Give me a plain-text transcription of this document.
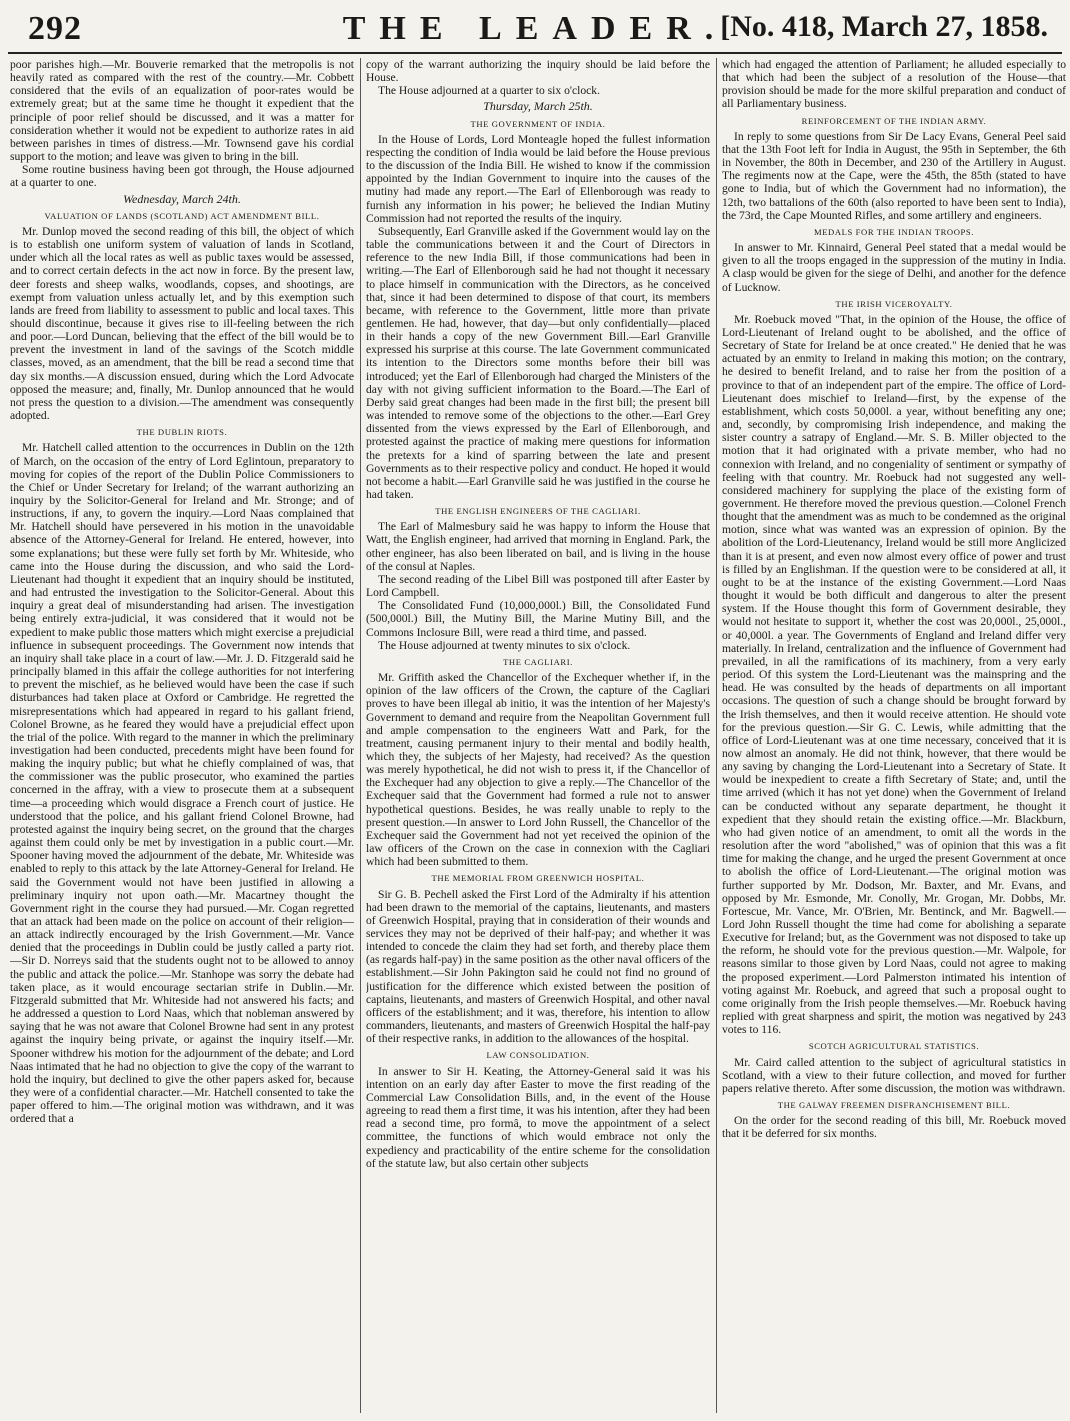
292	THE LEADER.
[No. 418, March 27, 1858.

poor parishes high.—Mr. Bouverie remarked that the metropolis is not heavily rated as compared with the rest of the country.—Mr. Cobbett considered that the evils of an equalization of poor-rates would be extremely great; but at the same time he thought it expedient that the principle of poor relief should be discussed, and it was a matter for consideration whether it would not be expedient to authorize rates in aid between parishes in times of distress.—Mr. Townsend gave his cordial support to the motion; and leave was given to bring in the bill.

Some routine business having been got through, the House adjourned at a quarter to one.

Wednesday, March 24th.
VALUATION OF LANDS (SCOTLAND) ACT AMENDMENT BILL.

Mr. Dunlop moved the second reading of this bill, the object of which is to establish one uniform system of valuation of lands in Scotland, under which all the local rates as well as public taxes would be assessed, and to correct certain defects in the act now in force. By the present law, deer forests and sheep walks, woodlands, copses, and shootings, are exempt from valuation unless actually let, and by this exemption such lands are freed from liability to assessment to public and local taxes. This should discontinue, because it gives rise to ill-feeling between the rich and poor.—Lord Duncan, believing that the effect of the bill would be to prevent the investment in land of the savings of the Scotch middle classes, moved, as an amendment, that the bill be read a second time that day six months.—A discussion ensued, during which the Lord Advocate opposed the measure; and, finally, Mr. Dunlop announced that he would not press the question to a division.—The amendment was consequently adopted.

THE DUBLIN RIOTS.

Mr. Hatchell called attention to the occurrences in Dublin on the 12th of March, on the occasion of the entry of Lord Eglintoun, preparatory to moving for copies of the report of the Dublin Police Commissioners to the Chief or Under Secretary for Ireland; of the warrant authorizing an inquiry by the Solicitor-General for Ireland and Mr. Stronge; and of instructions, if any, to govern the inquiry.—Lord Naas complained that Mr. Hatchell should have persevered in his motion in the unavoidable absence of the Attorney-General for Ireland. He entered, however, into some explanations; but these were fully set forth by Mr. Whiteside, who came into the House during the discussion, and who said the Lord-Lieutenant had thought it expedient that an inquiry should be instituted, and had entrusted the investigation to the Solicitor-General. About this inquiry a great deal of misunderstanding had arisen. The investigation being entirely extra-judicial, it was considered that it would not be expedient to make public those matters which might exercise a prejudicial influence in subsequent proceedings. The Government now intends that an inquiry shall take place in a court of law.—Mr. J. D. Fitzgerald said he principally blamed in this affair the college authorities for not interfering to prevent the mischief, as he believed would have been the case if such disturbances had taken place at Oxford or Cambridge. He regretted the misrepresentations which had appeared in regard to his gallant friend, Colonel Browne, as he feared they would have a prejudicial effect upon the trial of the police. With regard to the manner in which the preliminary investigation had been conducted, precedents might have been found for making the inquiry public; but what he chiefly complained of was, that the commissioner was the public prosecutor, who examined the parties concerned in the affray, with a view to prosecute them at a subsequent time—a proceeding which would disgrace a French court of justice. He understood that the police, and his gallant friend Colonel Browne, had protested against the inquiry being secret, on the ground that the charges against them could only be met by investigation in a public court.—Mr. Spooner having moved the adjournment of the debate, Mr. Whiteside was enabled to reply to this attack by the late Attorney-General for Ireland. He said the Government would not have been justified in allowing a preliminary inquiry not upon oath.—Mr. Macartney thought the Government right in the course they had pursued.—Mr. Cogan regretted that an attack had been made on the police on account of their religion—an attack indirectly encouraged by the Irish Government.—Mr. Vance denied that the proceedings in Dublin could be justly called a party riot.—Sir D. Norreys said that the students ought not to be allowed to annoy the public and attack the police.—Mr. Stanhope was sorry the debate had taken place, as it would encourage sectarian strife in Dublin.—Mr. Fitzgerald submitted that Mr. Whiteside had not answered his facts; and he addressed a question to Lord Naas, which that nobleman answered by saying that he was not aware that Colonel Browne had sent in any protest against the inquiry being private, or against the inquiry itself.—Mr. Spooner withdrew his motion for the adjournment of the debate; and Lord Naas intimated that he had no objection to give the copy of the warrant to hold the inquiry, but declined to give the other papers asked for, because they were of a confidential character.—Mr. Hatchell consented to take the paper offered to him.—The original motion was withdrawn, and it was ordered that a

copy of the warrant authorizing the inquiry should be laid before the House.

The House adjourned at a quarter to six o'clock.

Thursday, March 25th.
THE GOVERNMENT OF INDIA.

In the House of Lords, Lord Monteagle hoped the fullest information respecting the condition of India would be laid before the House previous to the discussion of the India Bill. He wished to know if the commission appointed by the Indian Government to inquire into the causes of the mutiny had made any report.—The Earl of Ellenborough was ready to furnish any information in his power; he believed the Indian Mutiny Commission had not reported the results of the inquiry.

Subsequently, Earl Granville asked if the Government would lay on the table the communications between it and the Court of Directors in reference to the new India Bill, if those communications had been in writing.—The Earl of Ellenborough said he had not thought it necessary to place himself in communication with the Directors, as he conceived that, since it had been determined to dispose of that court, its members became, with reference to the Government, little more than private gentlemen. He had, however, that day—but only confidentially—placed in their hands a copy of the new Government Bill.—Earl Granville expressed his surprise at this course. The late Government communicated its intention to the Directors some months before their bill was introduced; yet the Earl of Ellenborough had charged the Ministers of the day with not giving sufficient information to the Board.—The Earl of Derby said great changes had been made in the first bill; the present bill was intended to remove some of the objections to the other.—Earl Grey dissented from the views expressed by the Earl of Ellenborough, and protested against the practice of making mere questions for information the pretexts for a kind of sparring between the late and present Governments as to their respective policy and conduct. He hoped it would not become a habit.—Earl Granville said he was justified in the course he had taken.

THE ENGLISH ENGINEERS OF THE CAGLIARI.

The Earl of Malmesbury said he was happy to inform the House that Watt, the English engineer, had arrived that morning in England. Park, the other engineer, has also been liberated on bail, and is living in the house of the consul at Naples.

The second reading of the Libel Bill was postponed till after Easter by Lord Campbell.

The Consolidated Fund (10,000,000l.) Bill, the Consolidated Fund (500,000l.) Bill, the Mutiny Bill, the Marine Mutiny Bill, and the Commons Inclosure Bill, were read a third time, and passed.

The House adjourned at twenty minutes to six o'clock.

THE CAGLIARI.

Mr. Griffith asked the Chancellor of the Exchequer whether if, in the opinion of the law officers of the Crown, the capture of the Cagliari proves to have been illegal ab initio, it was the intention of her Majesty's Government to demand and require from the Neapolitan Government full and ample compensation to the engineers Watt and Park, for the treatment, causing permanent injury to their mental and bodily health, which they, the subjects of her Majesty, had received? As the question was merely hypothetical, he did not wish to press it, if the Chancellor of the Exchequer had any objection to give a reply.—The Chancellor of the Exchequer said that the Government had formed a rule not to answer hypothetical questions. Besides, he was really unable to reply to the present question.—In answer to Lord John Russell, the Chancellor of the Exchequer said the Government had not yet received the opinion of the law officers of the Crown on the case in connexion with the Cagliari which had been submitted to them.

THE MEMORIAL FROM GREENWICH HOSPITAL.

Sir G. B. Pechell asked the First Lord of the Admiralty if his attention had been drawn to the memorial of the captains, lieutenants, and masters of Greenwich Hospital, praying that in consideration of their wounds and services they may not be deprived of their half-pay; and whether it was intended to concede the claim they had set forth, and thereby place them (as regards half-pay) in the same position as the other naval officers of the establishment.—Sir John Pakington said he could not find no ground of justification for the difference which existed between the position of captains, lieutenants, and masters of Greenwich Hospital, and other naval officers of the establishment; and it was, therefore, his intention to allow commanders, lieutenants, and masters of Greenwich Hospital the half-pay of their respective ranks, in addition to the allowances of the hospital.

LAW CONSOLIDATION.

In answer to Sir H. Keating, the Attorney-General said it was his intention on an early day after Easter to move the first reading of the Commercial Law Consolidation Bills, and, in the event of the House agreeing to read them a first time, it was his intention, after they had been read a second time, pro formâ, to move the appointment of a select committee, the functions of which would embrace not only the expediency and practicability of the entire scheme for the consolidation of the statute law, but also certain other subjects

which had engaged the attention of Parliament; he alluded especially to that which had been the subject of a resolution of the House—that provision should be made for the more skilful preparation and conduct of all Parliamentary business.

REINFORCEMENT OF THE INDIAN ARMY.

In reply to some questions from Sir De Lacy Evans, General Peel said that the 13th Foot left for India in August, the 95th in September, the 6th in November, the 80th in December, and 230 of the Artillery in August. The regiments now at the Cape, were the 45th, the 85th (stated to have gone to India, but of which the Government had no information), the 12th, two battalions of the 60th (also reported to have been sent to India), the 73rd, the Cape Mounted Rifles, and some artillery and engineers.

MEDALS FOR THE INDIAN TROOPS.

In answer to Mr. Kinnaird, General Peel stated that a medal would be given to all the troops engaged in the suppression of the mutiny in India. A clasp would be given for the siege of Delhi, and another for the defence of Lucknow.

THE IRISH VICEROYALTY.

Mr. Roebuck moved "That, in the opinion of the House, the office of Lord-Lieutenant of Ireland ought to be abolished, and the office of Secretary of State for Ireland be at once created." He denied that he was actuated by an enmity to Ireland in making this motion; on the contrary, he desired to benefit Ireland, and to raise her from the position of a province to that of an independent part of the empire. The office of Lord-Lieutenant does mischief to Ireland—first, by the expense of the establishment, which costs 50,000l. a year, without benefiting any one; and, secondly, by compromising Irish independence, and making the sister country a satrapy of England.—Mr. S. B. Miller objected to the motion that it had originated with a private member, who had no connexion with Ireland, and no congeniality of sentiment or sympathy of feeling with that country. Mr. Roebuck had not suggested any well-considered machinery for supplying the place of the existing form of government. He therefore moved the previous question.—Colonel French thought that the amendment was as much to be condemned as the original motion, since what was wanted was an expression of opinion. By the abolition of the Lord-Lieutenancy, Ireland would be still more Anglicized than it is at present, and even now almost every office of power and trust is filled by an Englishman. If the question were to be considered at all, it ought to be at the instance of the existing Government.—Lord Naas thought it would be both difficult and dangerous to alter the present system. If the House thought this form of Government desirable, they would not hesitate to support it, whether the cost was 20,000l., 25,000l., or 40,000l. a year. The Governments of England and Ireland differ very materially. In Ireland, centralization and the influence of Government had prevailed, in all the ramifications of its machinery, from a very early period. Of this system the Lord-Lieutenant was the mainspring and the head. He was consulted by the heads of departments on all important occasions. The question of such a change should be brought forward by the Irish themselves, and then it would receive attention. He should vote for the previous question.—Sir G. C. Lewis, while admitting that the office of Lord-Lieutenant was at one time necessary, conceived that it is now almost an anomaly. He did not think, however, that there would be any saving by changing the Lord-Lieutenant into a Secretary of State. It would be inexpedient to create a fifth Secretary of State; and, until the time arrived (which it has not yet done) when the Government of Ireland can be conducted without any separate department, he thought it expedient that they should retain the existing office.—Mr. Blackburn, who had given notice of an amendment, to omit all the words in the resolution after the word "abolished," was of opinion that this was a fit time for making the change, and he urged the present Government at once to abolish the office of Lord-Lieutenant.—The original motion was further supported by Mr. Dodson, Mr. Baxter, and Mr. Evans, and opposed by Mr. Esmonde, Mr. Conolly, Mr. Grogan, Mr. Dobbs, Mr. Fortescue, Mr. Vance, Mr. O'Brien, Mr. Bentinck, and Mr. Bagwell.—Lord John Russell thought the time had come for abolishing a separate Executive for Ireland; but, as the Government was not disposed to take up the reform, he should vote for the previous question.—Mr. Walpole, for reasons similar to those given by Lord Naas, could not agree to making the proposed experiment.—Lord Palmerston intimated his intention of voting against Mr. Roebuck, and agreed that such a proposal ought to come originally from the Irish people themselves.—Mr. Roebuck having replied with great sharpness and spirit, the motion was negatived by 243 votes to 116.

SCOTCH AGRICULTURAL STATISTICS.

Mr. Caird called attention to the subject of agricultural statistics in Scotland, with a view to their future collection, and moved for further papers relative thereto. After some discussion, the motion was withdrawn.

THE GALWAY FREEMEN DISFRANCHISEMENT BILL.

On the order for the second reading of this bill, Mr. Roebuck moved that it be deferred for six months.
